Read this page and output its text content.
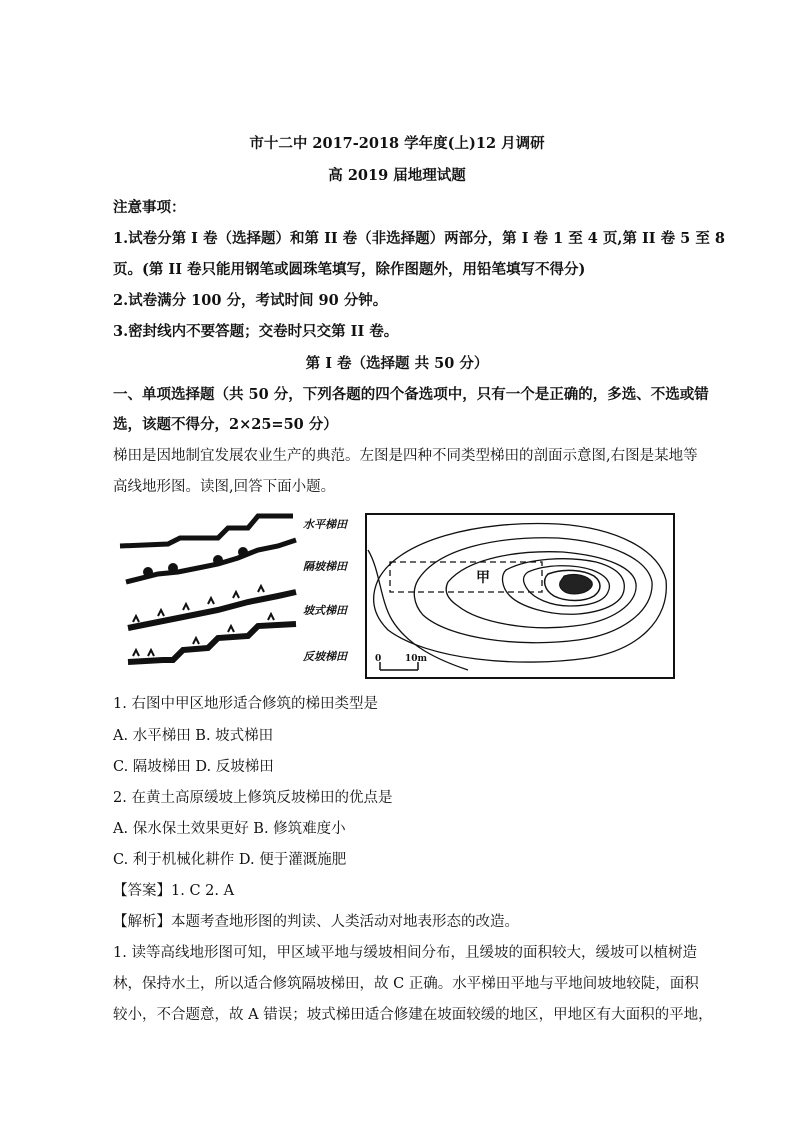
市十二中 2017-2018 学年度(上)12 月调研
高 2019 届地理试题
注意事项：
1.试卷分第 I 卷（选择题）和第 II 卷（非选择题）两部分，第 I 卷 1 至 4 页,第 II 卷 5 至 8
页。(第 II 卷只能用钢笔或圆珠笔填写，除作图题外，用铅笔填写不得分)
2.试卷满分 100 分，考试时间 90 分钟。
3.密封线内不要答题；交卷时只交第 II 卷。
第 I 卷（选择题 共 50 分）
一、单项选择题（共 50 分，下列各题的四个备选项中，只有一个是正确的，多选、不选或错
选，该题不得分，2×25=50 分）
梯田是因地制宜发展农业生产的典范。左图是四种不同类型梯田的剖面示意图,右图是某地等
高线地形图。读图,回答下面小题。
水平梯田
隔坡梯田
坡式梯田
反坡梯田
甲
0	10m
1. 右图中甲区地形适合修筑的梯田类型是
A. 水平梯田 B. 坡式梯田
C. 隔坡梯田 D. 反坡梯田
2. 在黄土高原缓坡上修筑反坡梯田的优点是
A. 保水保土效果更好 B. 修筑难度小
C. 利于机械化耕作 D. 便于灌溉施肥
【答案】1. C 2. A
【解析】本题考查地形图的判读、人类活动对地表形态的改造。
1. 读等高线地形图可知，甲区域平地与缓坡相间分布，且缓坡的面积较大，缓坡可以植树造
林，保持水土，所以适合修筑隔坡梯田，故 C 正确。水平梯田平地与平地间坡地较陡，面积
较小，不合题意，故 A 错误；坡式梯田适合修建在坡面较缓的地区，甲地区有大面积的平地，
